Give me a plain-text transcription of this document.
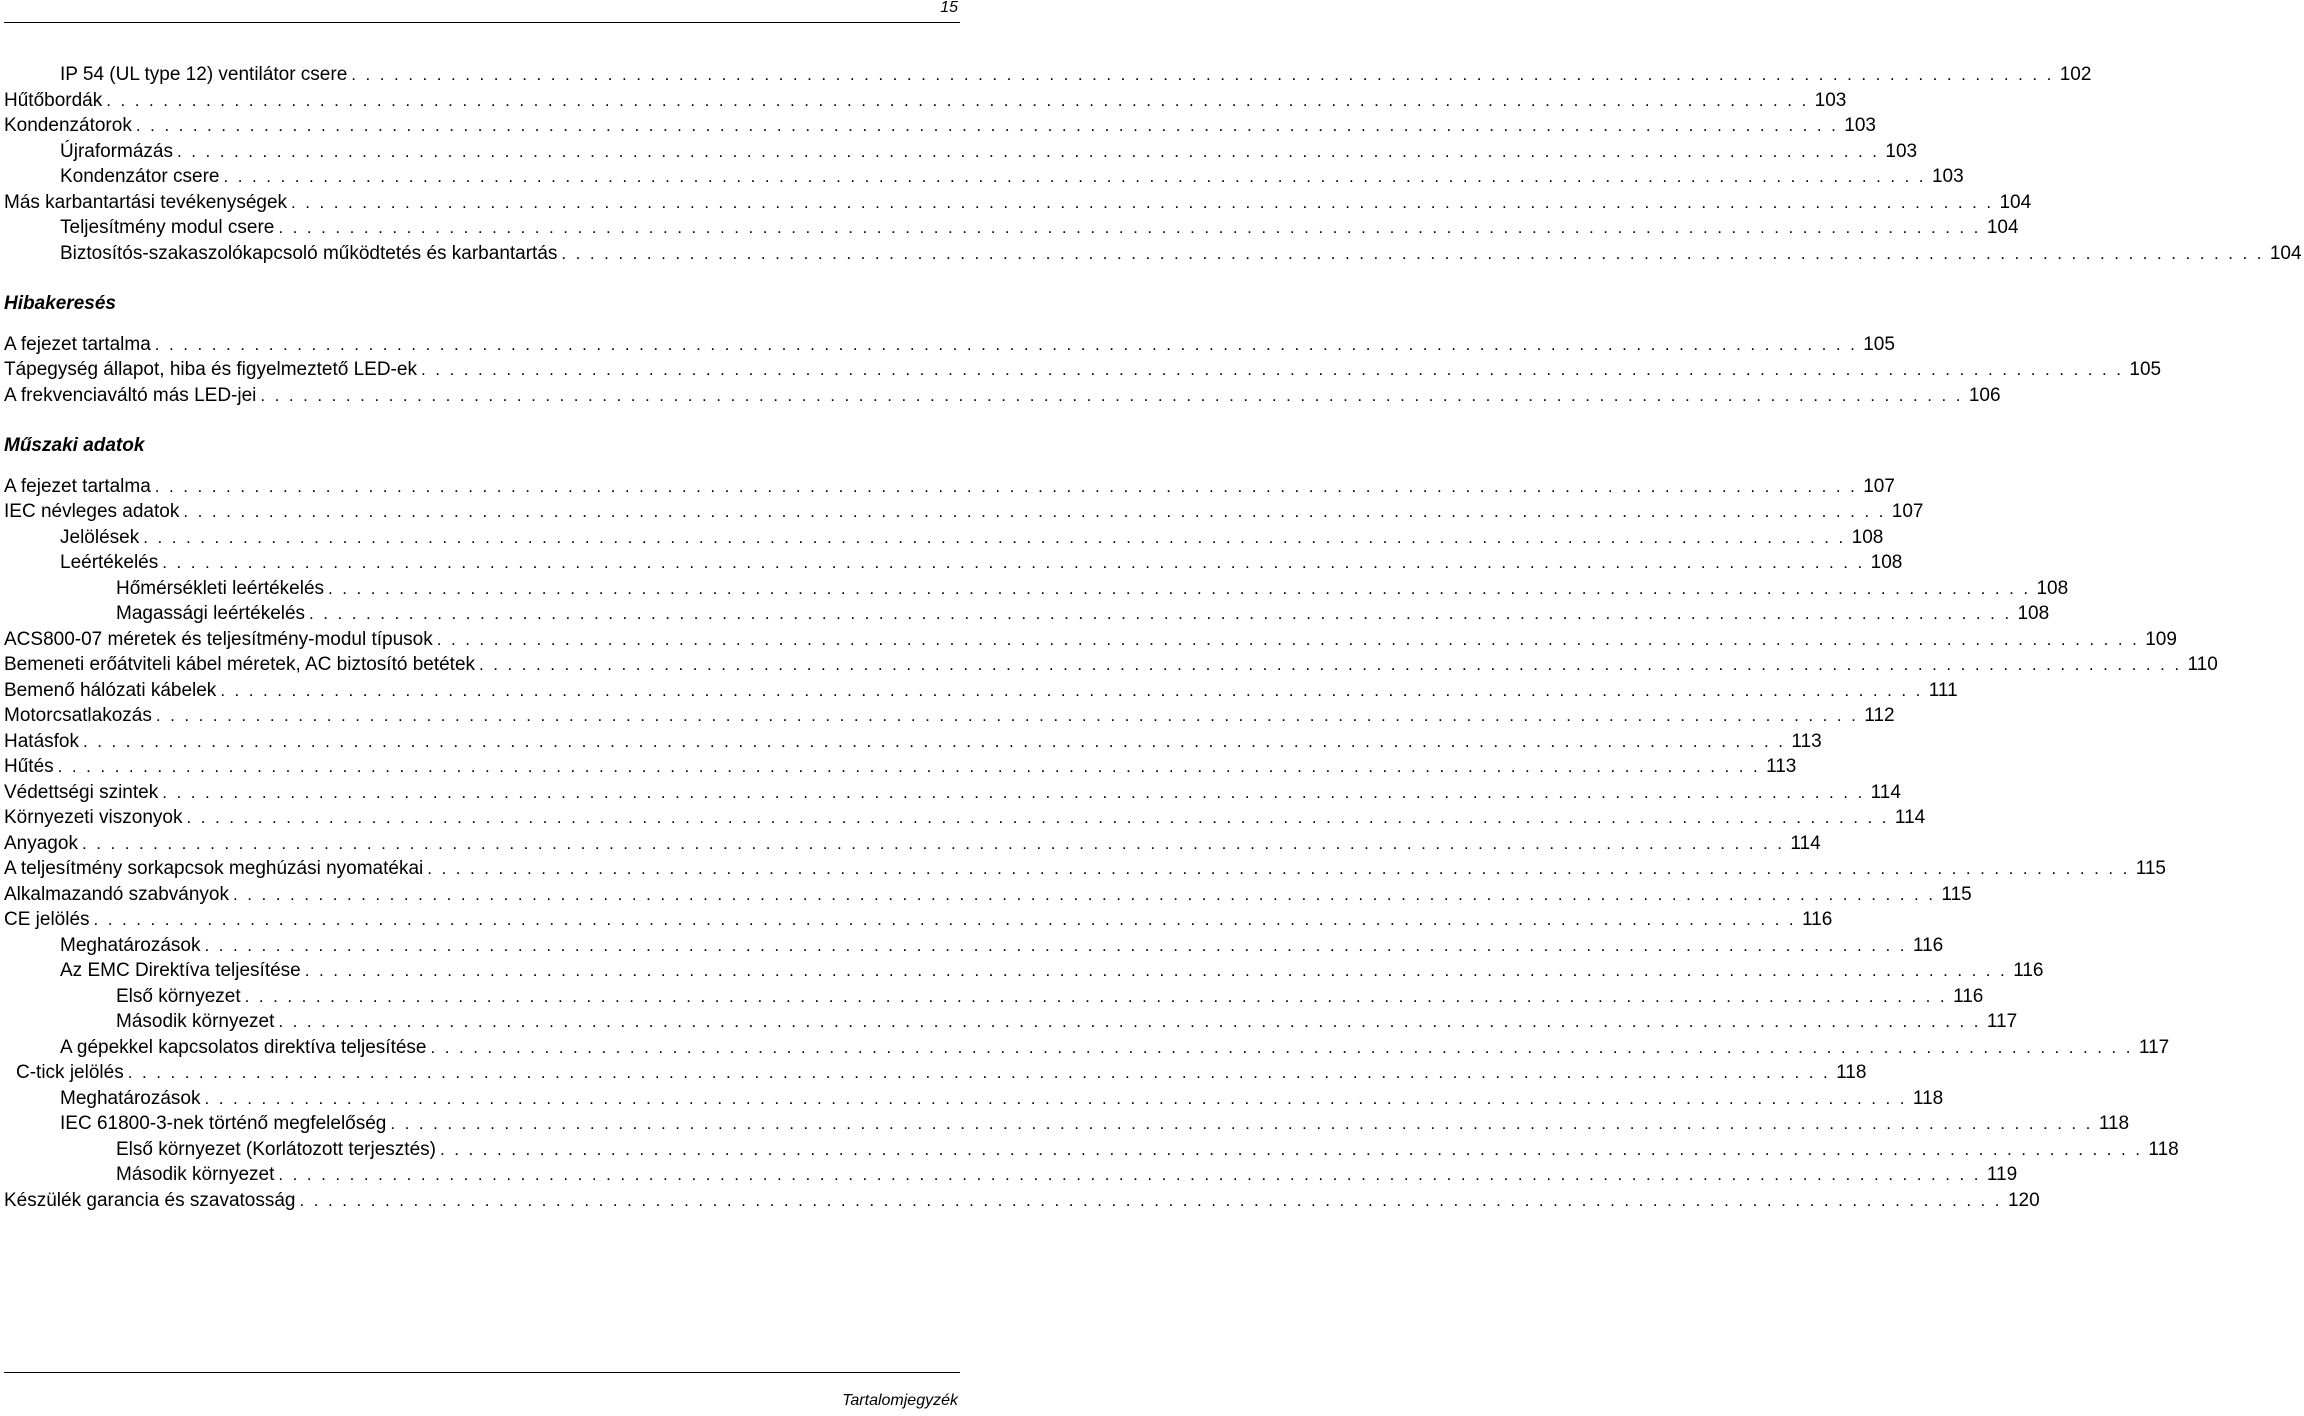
15
IP 54 (UL type 12) ventilátor csere . . . . . . . . . . . . . . . . . . . . . . . . . . . . . . . . . . . . . . . . . . . . . . . . . . . . . . . . . . . . . . . . . . . . . . . . . . . . . . . . . . . . . . . . . . . . . . . . . . . . . . . . . . . . . . . . . . . . . . . . 102
Hűtőbordák . . . . . . . . . . . . . . . . . . . . . . . . . . . . . . . . . . . . . . . . . . . . . . . . . . . . . . . . . . . . . . . . . . . . . . . . . . . . . . . . . . . . . . . . . . . . . . . . . . . . . . . . . . . . . . . . . . . . . . . . 103
Kondenzátorok . . . . . . . . . . . . . . . . . . . . . . . . . . . . . . . . . . . . . . . . . . . . . . . . . . . . . . . . . . . . . . . . . . . . . . . . . . . . . . . . . . . . . . . . . . . . . . . . . . . . . . . . . . . . . . . . . . . . . . . . 103
Újraformázás . . . . . . . . . . . . . . . . . . . . . . . . . . . . . . . . . . . . . . . . . . . . . . . . . . . . . . . . . . . . . . . . . . . . . . . . . . . . . . . . . . . . . . . . . . . . . . . . . . . . . . . . . . . . . . . . . . . . . . . . 103
Kondenzátor csere . . . . . . . . . . . . . . . . . . . . . . . . . . . . . . . . . . . . . . . . . . . . . . . . . . . . . . . . . . . . . . . . . . . . . . . . . . . . . . . . . . . . . . . . . . . . . . . . . . . . . . . . . . . . . . . . . . . . . . . . 103
Más karbantartási tevékenységek . . . . . . . . . . . . . . . . . . . . . . . . . . . . . . . . . . . . . . . . . . . . . . . . . . . . . . . . . . . . . . . . . . . . . . . . . . . . . . . . . . . . . . . . . . . . . . . . . . . . . . . . . . . . . . . . . . . . . . . . 104
Teljesítmény modul csere . . . . . . . . . . . . . . . . . . . . . . . . . . . . . . . . . . . . . . . . . . . . . . . . . . . . . . . . . . . . . . . . . . . . . . . . . . . . . . . . . . . . . . . . . . . . . . . . . . . . . . . . . . . . . . . . . . . . . . . . 104
Biztosítós-szakaszolókapcsoló működtetés és karbantartás . . . . . . . . . . . . . . . . . . . . . . . . . . . . . . . . . . . . . . . . . . . . . . . . . . . . . . . . . . . . . . . . . . . . . . . . . . . . . . . . . . . . . . . . . . . . . . . . . . . . . . . . . . . . . . . . . . . . . . . . 104
Hibakeresés
A fejezet tartalma . . . . . . . . . . . . . . . . . . . . . . . . . . . . . . . . . . . . . . . . . . . . . . . . . . . . . . . . . . . . . . . . . . . . . . . . . . . . . . . . . . . . . . . . . . . . . . . . . . . . . . . . . . . . . . . . . . . . . . . . 105
Tápegység állapot, hiba és figyelmeztető LED-ek . . . . . . . . . . . . . . . . . . . . . . . . . . . . . . . . . . . . . . . . . . . . . . . . . . . . . . . . . . . . . . . . . . . . . . . . . . . . . . . . . . . . . . . . . . . . . . . . . . . . . . . . . . . . . . . . . . . . . . . . 105
A frekvenciaváltó más LED-jei . . . . . . . . . . . . . . . . . . . . . . . . . . . . . . . . . . . . . . . . . . . . . . . . . . . . . . . . . . . . . . . . . . . . . . . . . . . . . . . . . . . . . . . . . . . . . . . . . . . . . . . . . . . . . . . . . . . . . . . . 106
Műszaki adatok
A fejezet tartalma . . . . . . . . . . . . . . . . . . . . . . . . . . . . . . . . . . . . . . . . . . . . . . . . . . . . . . . . . . . . . . . . . . . . . . . . . . . . . . . . . . . . . . . . . . . . . . . . . . . . . . . . . . . . . . . . . . . . . . . . 107
IEC névleges adatok . . . . . . . . . . . . . . . . . . . . . . . . . . . . . . . . . . . . . . . . . . . . . . . . . . . . . . . . . . . . . . . . . . . . . . . . . . . . . . . . . . . . . . . . . . . . . . . . . . . . . . . . . . . . . . . . . . . . . . . . 107
Jelölések . . . . . . . . . . . . . . . . . . . . . . . . . . . . . . . . . . . . . . . . . . . . . . . . . . . . . . . . . . . . . . . . . . . . . . . . . . . . . . . . . . . . . . . . . . . . . . . . . . . . . . . . . . . . . . . . . . . . . . . . 108
Leértékelés . . . . . . . . . . . . . . . . . . . . . . . . . . . . . . . . . . . . . . . . . . . . . . . . . . . . . . . . . . . . . . . . . . . . . . . . . . . . . . . . . . . . . . . . . . . . . . . . . . . . . . . . . . . . . . . . . . . . . . . . 108
Hőmérsékleti leértékelés . . . . . . . . . . . . . . . . . . . . . . . . . . . . . . . . . . . . . . . . . . . . . . . . . . . . . . . . . . . . . . . . . . . . . . . . . . . . . . . . . . . . . . . . . . . . . . . . . . . . . . . . . . . . . . . . . . . . . . . . 108
Magassági leértékelés . . . . . . . . . . . . . . . . . . . . . . . . . . . . . . . . . . . . . . . . . . . . . . . . . . . . . . . . . . . . . . . . . . . . . . . . . . . . . . . . . . . . . . . . . . . . . . . . . . . . . . . . . . . . . . . . . . . . . . . . 108
ACS800-07 méretek és teljesítmény-modul típusok . . . . . . . . . . . . . . . . . . . . . . . . . . . . . . . . . . . . . . . . . . . . . . . . . . . . . . . . . . . . . . . . . . . . . . . . . . . . . . . . . . . . . . . . . . . . . . . . . . . . . . . . . . . . . . . . . . . . . . . . 109
Bemeneti erőátviteli kábel méretek, AC biztosító betétek . . . . . . . . . . . . . . . . . . . . . . . . . . . . . . . . . . . . . . . . . . . . . . . . . . . . . . . . . . . . . . . . . . . . . . . . . . . . . . . . . . . . . . . . . . . . . . . . . . . . . . . . . . . . . . . . . . . . . . . . 110
Bemenő hálózati kábelek . . . . . . . . . . . . . . . . . . . . . . . . . . . . . . . . . . . . . . . . . . . . . . . . . . . . . . . . . . . . . . . . . . . . . . . . . . . . . . . . . . . . . . . . . . . . . . . . . . . . . . . . . . . . . . . . . . . . . . . . 111
Motorcsatlakozás . . . . . . . . . . . . . . . . . . . . . . . . . . . . . . . . . . . . . . . . . . . . . . . . . . . . . . . . . . . . . . . . . . . . . . . . . . . . . . . . . . . . . . . . . . . . . . . . . . . . . . . . . . . . . . . . . . . . . . . . 112
Hatásfok . . . . . . . . . . . . . . . . . . . . . . . . . . . . . . . . . . . . . . . . . . . . . . . . . . . . . . . . . . . . . . . . . . . . . . . . . . . . . . . . . . . . . . . . . . . . . . . . . . . . . . . . . . . . . . . . . . . . . . . . 113
Hűtés . . . . . . . . . . . . . . . . . . . . . . . . . . . . . . . . . . . . . . . . . . . . . . . . . . . . . . . . . . . . . . . . . . . . . . . . . . . . . . . . . . . . . . . . . . . . . . . . . . . . . . . . . . . . . . . . . . . . . . . . 113
Védettségi szintek . . . . . . . . . . . . . . . . . . . . . . . . . . . . . . . . . . . . . . . . . . . . . . . . . . . . . . . . . . . . . . . . . . . . . . . . . . . . . . . . . . . . . . . . . . . . . . . . . . . . . . . . . . . . . . . . . . . . . . . . 114
Környezeti viszonyok . . . . . . . . . . . . . . . . . . . . . . . . . . . . . . . . . . . . . . . . . . . . . . . . . . . . . . . . . . . . . . . . . . . . . . . . . . . . . . . . . . . . . . . . . . . . . . . . . . . . . . . . . . . . . . . . . . . . . . . . 114
Anyagok . . . . . . . . . . . . . . . . . . . . . . . . . . . . . . . . . . . . . . . . . . . . . . . . . . . . . . . . . . . . . . . . . . . . . . . . . . . . . . . . . . . . . . . . . . . . . . . . . . . . . . . . . . . . . . . . . . . . . . . . 114
A teljesítmény sorkapcsok meghúzási nyomatékai . . . . . . . . . . . . . . . . . . . . . . . . . . . . . . . . . . . . . . . . . . . . . . . . . . . . . . . . . . . . . . . . . . . . . . . . . . . . . . . . . . . . . . . . . . . . . . . . . . . . . . . . . . . . . . . . . . . . . . . . 115
Alkalmazandó szabványok . . . . . . . . . . . . . . . . . . . . . . . . . . . . . . . . . . . . . . . . . . . . . . . . . . . . . . . . . . . . . . . . . . . . . . . . . . . . . . . . . . . . . . . . . . . . . . . . . . . . . . . . . . . . . . . . . . . . . . . . 115
CE jelölés . . . . . . . . . . . . . . . . . . . . . . . . . . . . . . . . . . . . . . . . . . . . . . . . . . . . . . . . . . . . . . . . . . . . . . . . . . . . . . . . . . . . . . . . . . . . . . . . . . . . . . . . . . . . . . . . . . . . . . . . 116
Meghatározások . . . . . . . . . . . . . . . . . . . . . . . . . . . . . . . . . . . . . . . . . . . . . . . . . . . . . . . . . . . . . . . . . . . . . . . . . . . . . . . . . . . . . . . . . . . . . . . . . . . . . . . . . . . . . . . . . . . . . . . . 116
Az EMC Direktíva teljesítése . . . . . . . . . . . . . . . . . . . . . . . . . . . . . . . . . . . . . . . . . . . . . . . . . . . . . . . . . . . . . . . . . . . . . . . . . . . . . . . . . . . . . . . . . . . . . . . . . . . . . . . . . . . . . . . . . . . . . . . . 116
Első környezet . . . . . . . . . . . . . . . . . . . . . . . . . . . . . . . . . . . . . . . . . . . . . . . . . . . . . . . . . . . . . . . . . . . . . . . . . . . . . . . . . . . . . . . . . . . . . . . . . . . . . . . . . . . . . . . . . . . . . . . . 116
Második környezet . . . . . . . . . . . . . . . . . . . . . . . . . . . . . . . . . . . . . . . . . . . . . . . . . . . . . . . . . . . . . . . . . . . . . . . . . . . . . . . . . . . . . . . . . . . . . . . . . . . . . . . . . . . . . . . . . . . . . . . . 117
A gépekkel kapcsolatos direktíva teljesítése . . . . . . . . . . . . . . . . . . . . . . . . . . . . . . . . . . . . . . . . . . . . . . . . . . . . . . . . . . . . . . . . . . . . . . . . . . . . . . . . . . . . . . . . . . . . . . . . . . . . . . . . . . . . . . . . . . . . . . . . 117
C-tick jelölés . . . . . . . . . . . . . . . . . . . . . . . . . . . . . . . . . . . . . . . . . . . . . . . . . . . . . . . . . . . . . . . . . . . . . . . . . . . . . . . . . . . . . . . . . . . . . . . . . . . . . . . . . . . . . . . . . . . . . . . . 118
Meghatározások . . . . . . . . . . . . . . . . . . . . . . . . . . . . . . . . . . . . . . . . . . . . . . . . . . . . . . . . . . . . . . . . . . . . . . . . . . . . . . . . . . . . . . . . . . . . . . . . . . . . . . . . . . . . . . . . . . . . . . . . 118
IEC 61800-3-nek történő megfelelőség . . . . . . . . . . . . . . . . . . . . . . . . . . . . . . . . . . . . . . . . . . . . . . . . . . . . . . . . . . . . . . . . . . . . . . . . . . . . . . . . . . . . . . . . . . . . . . . . . . . . . . . . . . . . . . . . . . . . . . . . 118
Első környezet (Korlátozott terjesztés) . . . . . . . . . . . . . . . . . . . . . . . . . . . . . . . . . . . . . . . . . . . . . . . . . . . . . . . . . . . . . . . . . . . . . . . . . . . . . . . . . . . . . . . . . . . . . . . . . . . . . . . . . . . . . . . . . . . . . . . . 118
Második környezet . . . . . . . . . . . . . . . . . . . . . . . . . . . . . . . . . . . . . . . . . . . . . . . . . . . . . . . . . . . . . . . . . . . . . . . . . . . . . . . . . . . . . . . . . . . . . . . . . . . . . . . . . . . . . . . . . . . . . . . . 119
Készülék garancia és szavatosság . . . . . . . . . . . . . . . . . . . . . . . . . . . . . . . . . . . . . . . . . . . . . . . . . . . . . . . . . . . . . . . . . . . . . . . . . . . . . . . . . . . . . . . . . . . . . . . . . . . . . . . . . . . . . . . . . . . . . . . . 120
Tartalomjegyzék
